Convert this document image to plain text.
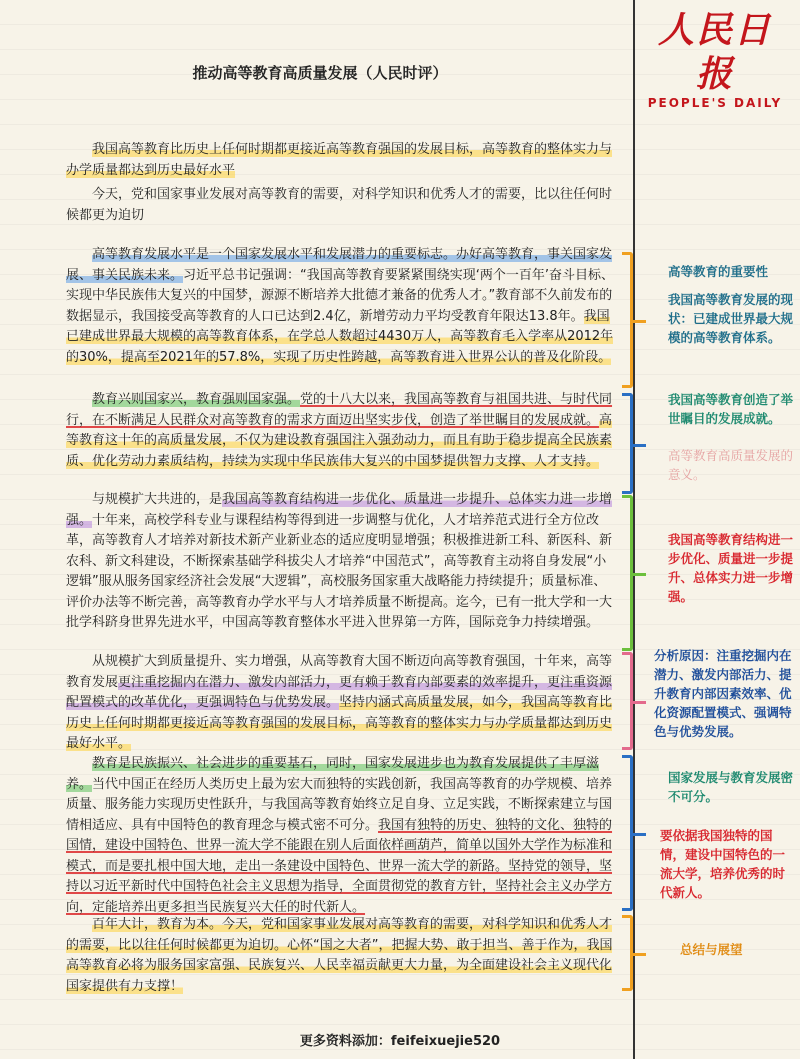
人民日报
PEOPLE'S DAILY
推动高等教育高质量发展（人民时评）

我国高等教育比历史上任何时期都更接近高等教育强国的发展目标，高等教育的整体实力与办学质量都达到历史最好水平

今天，党和国家事业发展对高等教育的需要，对科学知识和优秀人才的需要，比以往任何时候都更为迫切

高等教育发展水平是一个国家发展水平和发展潜力的重要标志。办好高等教育，事关国家发展、事关民族未来。习近平总书记强调：“我国高等教育要紧紧围绕实现‘两个一百年’奋斗目标、实现中华民族伟大复兴的中国梦，源源不断培养大批德才兼备的优秀人才。”教育部不久前发布的数据显示，我国接受高等教育的人口已达到2.4亿，新增劳动力平均受教育年限达13.8年。我国已建成世界最大规模的高等教育体系，在学总人数超过4430万人，高等教育毛入学率从2012年的30%，提高至2021年的57.8%，实现了历史性跨越，高等教育进入世界公认的普及化阶段。

教育兴则国家兴，教育强则国家强。党的十八大以来，我国高等教育与祖国共进、与时代同行，在不断满足人民群众对高等教育的需求方面迈出坚实步伐，创造了举世瞩目的发展成就。高等教育这十年的高质量发展，不仅为建设教育强国注入强劲动力，而且有助于稳步提高全民族素质、优化劳动力素质结构，持续为实现中华民族伟大复兴的中国梦提供智力支撑、人才支持。

与规模扩大共进的，是我国高等教育结构进一步优化、质量进一步提升、总体实力进一步增强。十年来，高校学科专业与课程结构等得到进一步调整与优化，人才培养范式进行全方位改革，高等教育人才培养对新技术新产业新业态的适应度明显增强；积极推进新工科、新医科、新农科、新文科建设，不断探索基础学科拔尖人才培养“中国范式”，高等教育主动将自身发展“小逻辑”服从服务国家经济社会发展“大逻辑”，高校服务国家重大战略能力持续提升；质量标准、评价办法等不断完善，高等教育办学水平与人才培养质量不断提高。迄今，已有一批大学和一大批学科跻身世界先进水平，中国高等教育整体水平进入世界第一方阵，国际竞争力持续增强。

从规模扩大到质量提升、实力增强，从高等教育大国不断迈向高等教育强国，十年来，高等教育发展更注重挖掘内在潜力、激发内部活力，更有赖于教育内部要素的效率提升，更注重资源配置模式的改革优化，更强调特色与优势发展。坚持内涵式高质量发展，如今，我国高等教育比历史上任何时期都更接近高等教育强国的发展目标，高等教育的整体实力与办学质量都达到历史最好水平。

教育是民族振兴、社会进步的重要基石，同时，国家发展进步也为教育发展提供了丰厚滋养。当代中国正在经历人类历史上最为宏大而独特的实践创新，我国高等教育的办学规模、培养质量、服务能力实现历史性跃升，与我国高等教育始终立足自身、立足实践，不断探索建立与国情相适应、具有中国特色的教育理念与模式密不可分。我国有独特的历史、独特的文化、独特的国情，建设中国特色、世界一流大学不能跟在别人后面依样画葫芦，简单以国外大学作为标准和模式，而是要扎根中国大地，走出一条建设中国特色、世界一流大学的新路。坚持党的领导，坚持以习近平新时代中国特色社会主义思想为指导，全面贯彻党的教育方针，坚持社会主义办学方向，定能培养出更多担当民族复兴大任的时代新人。

百年大计，教育为本。今天，党和国家事业发展对高等教育的需要，对科学知识和优秀人才的需要，比以往任何时候都更为迫切。心怀“国之大者”，把握大势、敢于担当、善于作为，我国高等教育必将为服务国家富强、民族复兴、人民幸福贡献更大力量，为全面建设社会主义现代化国家提供有力支撑！

高等教育的重要性
我国高等教育发展的现状：已建成世界最大规模的高等教育体系。
我国高等教育创造了举世瞩目的发展成就。
高等教育高质量发展的意义。
我国高等教育结构进一步优化、质量进一步提升、总体实力进一步增强。
分析原因：注重挖掘内在潜力、激发内部活力、提升教育内部因素效率、优化资源配置模式、强调特色与优势发展。
国家发展与教育发展密不可分。
要依据我国独特的国情，建设中国特色的一流大学，培养优秀的时代新人。
总结与展望
更多资料添加：feifeixuejie520
